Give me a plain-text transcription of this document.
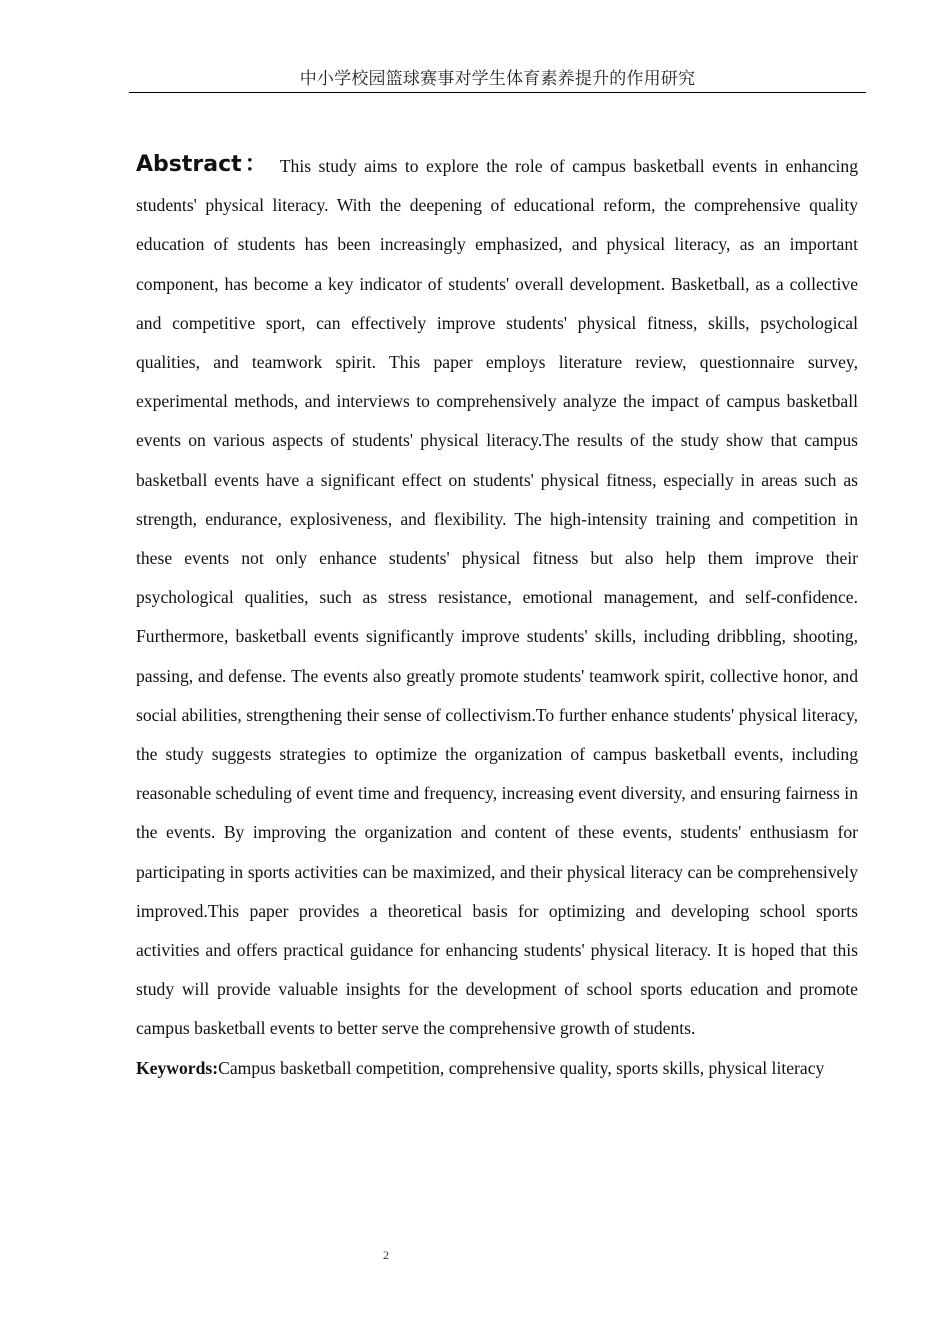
中小学校园篮球赛事对学生体育素养提升的作用研究

Abstract： This study aims to explore the role of campus basketball events in enhancing students' physical literacy. With the deepening of educational reform, the comprehensive quality education of students has been increasingly emphasized, and physical literacy, as an important component, has become a key indicator of students' overall development. Basketball, as a collective and competitive sport, can effectively improve students' physical fitness, skills, psychological qualities, and teamwork spirit. This paper employs literature review, questionnaire survey, experimental methods, and interviews to comprehensively analyze the impact of campus basketball events on various aspects of students' physical literacy.The results of the study show that campus basketball events have a significant effect on students' physical fitness, especially in areas such as strength, endurance, explosiveness, and flexibility. The high-intensity training and competition in these events not only enhance students' physical fitness but also help them improve their psychological qualities, such as stress resistance, emotional management, and self-confidence. Furthermore, basketball events significantly improve students' skills, including dribbling, shooting, passing, and defense. The events also greatly promote students' teamwork spirit, collective honor, and social abilities, strengthening their sense of collectivism.To further enhance students' physical literacy, the study suggests strategies to optimize the organization of campus basketball events, including reasonable scheduling of event time and frequency, increasing event diversity, and ensuring fairness in the events. By improving the organization and content of these events, students' enthusiasm for participating in sports activities can be maximized, and their physical literacy can be comprehensively improved.This paper provides a theoretical basis for optimizing and developing school sports activities and offers practical guidance for enhancing students' physical literacy. It is hoped that this study will provide valuable insights for the development of school sports education and promote campus basketball events to better serve the comprehensive growth of students.

Keywords:Campus basketball competition, comprehensive quality, sports skills, physical literacy

2
